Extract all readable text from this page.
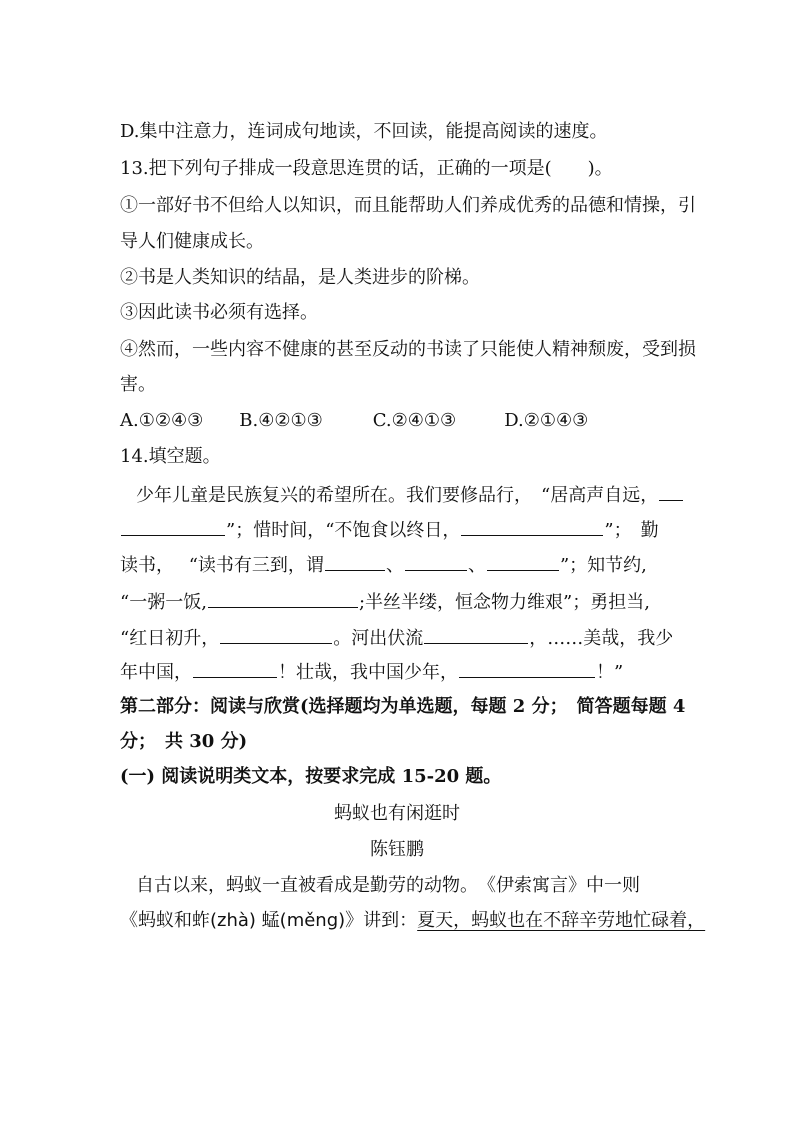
D.集中注意力，连词成句地读，不回读，能提高阅读的速度。
13.把下列句子排成一段意思连贯的话，正确的一项是(　　)。
①一部好书不但给人以知识，而且能帮助人们养成优秀的品德和情操，引
导人们健康成长。
②书是人类知识的结晶，是人类进步的阶梯。
③因此读书必须有选择。
④然而，一些内容不健康的甚至反动的书读了只能使人精神颓废，受到损
害。
A.①②④③ B.④②①③	C.②④①③	D.②①④③
14.填空题。
少年儿童是民族复兴的希望所在。我们要修品行，　“居高声自远，
”；惜时间，“不饱食以终日，	”；　勤
读书，　 “读书有三到，谓	、	、	”；知节约,
“一粥一饭,	;半丝半缕，恒念物力维艰”；勇担当,
“红日初升，	。河出伏流	，……美哉，我少
年中国，	！壮哉，我中国少年，	！”
第二部分：阅读与欣赏(选择题均为单选题，每题 2 分；　简答题每题 4
分；　共 30 分)
(一) 阅读说明类文本，按要求完成 15-20 题。
蚂蚁也有闲逛时
陈钰鹏
自古以来，蚂蚁一直被看成是勤劳的动物。　《伊索寓言》中一则
《蚂蚁和蚱(zhà) 蜢(měng)》讲到：夏天，蚂蚁也在不辞辛劳地忙碌着，
